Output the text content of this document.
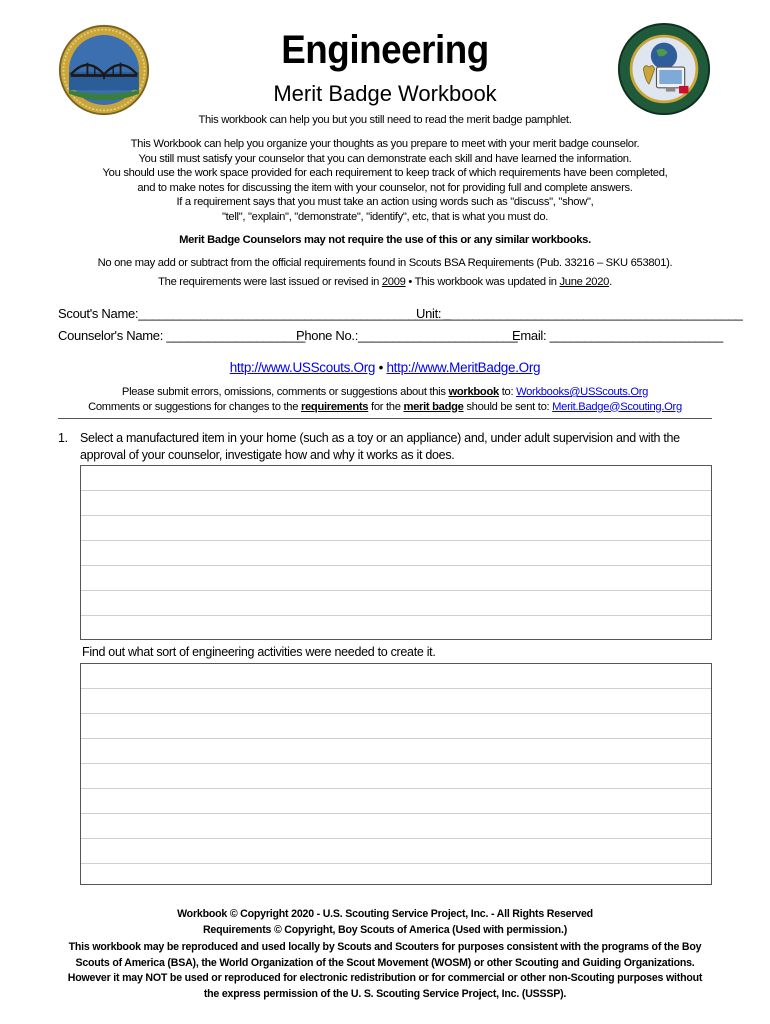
Engineering
Merit Badge Workbook
This workbook can help you but you still need to read the merit badge pamphlet.
This Workbook can help you organize your thoughts as you prepare to meet with your merit badge counselor.
You still must satisfy your counselor that you can demonstrate each skill and have learned the information.
You should use the work space provided for each requirement to keep track of which requirements have been completed,
and to make notes for discussing the item with your counselor, not for providing full and complete answers.
If a requirement says that you must take an action using words such as "discuss", "show",
"tell", "explain", "demonstrate", "identify", etc, that is what you must do.
Merit Badge Counselors may not require the use of this or any similar workbooks.
No one may add or subtract from the official requirements found in Scouts BSA Requirements (Pub. 33216 – SKU 653801).
The requirements were last issued or revised in 2009 • This workbook was updated in June 2020.
Scout's Name:_____________________________________________
Unit: ___________________________________________
Counselor's Name: ____________________
Phone No.:_______________________
Email: _________________________
http://www.USScouts.Org • http://www.MeritBadge.Org
Please submit errors, omissions, comments or suggestions about this workbook to: Workbooks@USScouts.Org
Comments or suggestions for changes to the requirements for the merit badge should be sent to: Merit.Badge@Scouting.Org
1. Select a manufactured item in your home (such as a toy or an appliance) and, under adult supervision and with the approval of your counselor, investigate how and why it works as it does.
Find out what sort of engineering activities were needed to create it.
Workbook © Copyright 2020 - U.S. Scouting Service Project, Inc. - All Rights Reserved
Requirements © Copyright, Boy Scouts of America (Used with permission.)
This workbook may be reproduced and used locally by Scouts and Scouters for purposes consistent with the programs of the Boy
Scouts of America (BSA), the World Organization of the Scout Movement (WOSM) or other Scouting and Guiding Organizations.
However it may NOT be used or reproduced for electronic redistribution or for commercial or other non-Scouting purposes without
the express permission of the U. S. Scouting Service Project, Inc. (USSSP).
